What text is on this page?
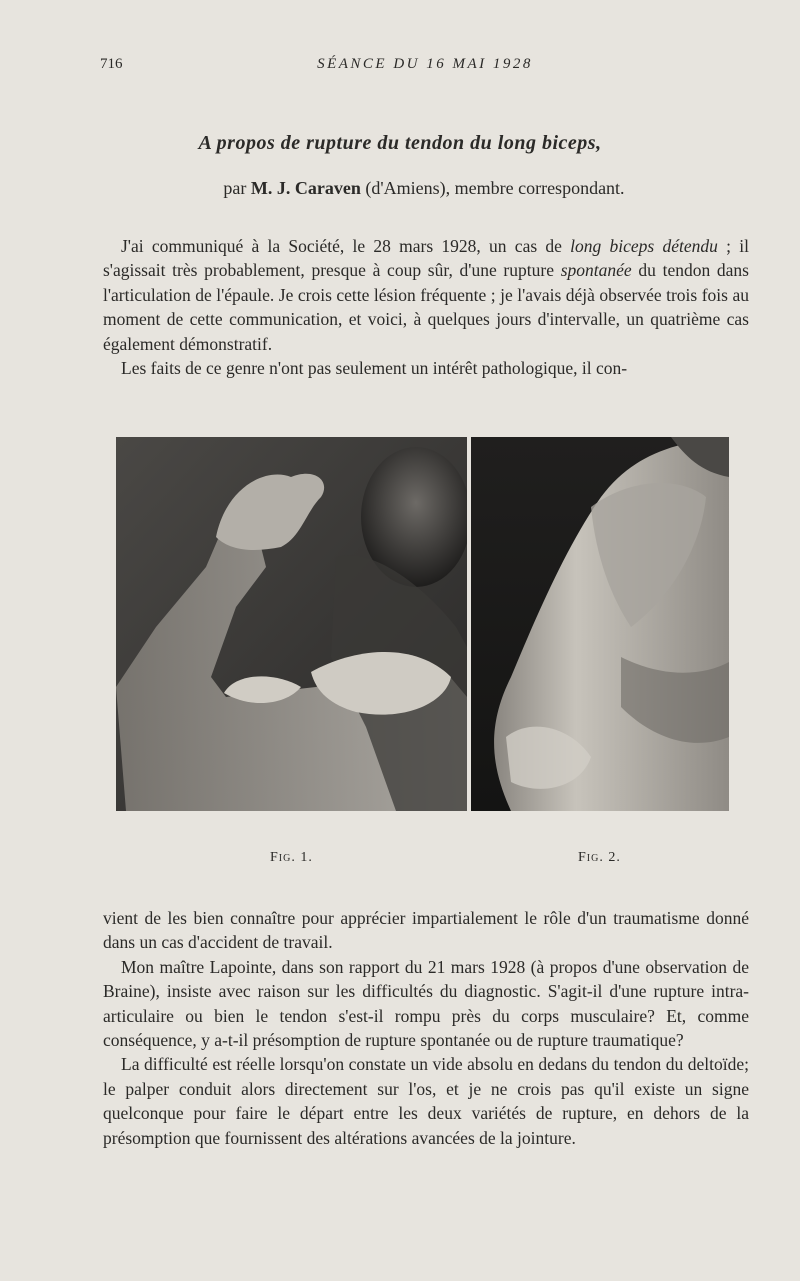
716	SÉANCE DU 16 MAI 1928
A propos de rupture du tendon du long biceps,
par M. J. Caraven (d'Amiens), membre correspondant.

J'ai communiqué à la Société, le 28 mars 1928, un cas de long biceps détendu ; il s'agissait très probablement, presque à coup sûr, d'une rupture spontanée du tendon dans l'articulation de l'épaule. Je crois cette lésion fréquente ; je l'avais déjà observée trois fois au moment de cette communication, et voici, à quelques jours d'intervalle, un quatrième cas également démonstratif.

Les faits de ce genre n'ont pas seulement un intérêt pathologique, il con-

Fig. 1.	Fig. 2.

vient de les bien connaître pour apprécier impartialement le rôle d'un traumatisme donné dans un cas d'accident de travail.

Mon maître Lapointe, dans son rapport du 21 mars 1928 (à propos d'une observation de Braine), insiste avec raison sur les difficultés du diagnostic. S'agit-il d'une rupture intra-articulaire ou bien le tendon s'est-il rompu près du corps musculaire? Et, comme conséquence, y a-t-il présomption de rupture spontanée ou de rupture traumatique?

La difficulté est réelle lorsqu'on constate un vide absolu en dedans du tendon du deltoïde; le palper conduit alors directement sur l'os, et je ne crois pas qu'il existe un signe quelconque pour faire le départ entre les deux variétés de rupture, en dehors de la présomption que fournissent des altérations avancées de la jointure.
